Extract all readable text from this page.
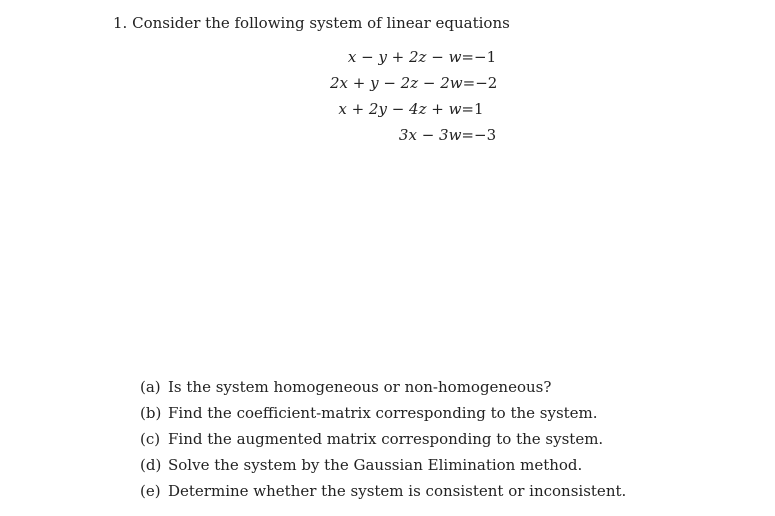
1. Consider the following system of linear equations
x − y + 2z − w = −1
2x + y − 2z − 2w = −2
x + 2y − 4z + w = 1
3x − 3w = −3
(a) Is the system homogeneous or non-homogeneous?
(b) Find the coefficient-matrix corresponding to the system.
(c) Find the augmented matrix corresponding to the system.
(d) Solve the system by the Gaussian Elimination method.
(e) Determine whether the system is consistent or inconsistent.
